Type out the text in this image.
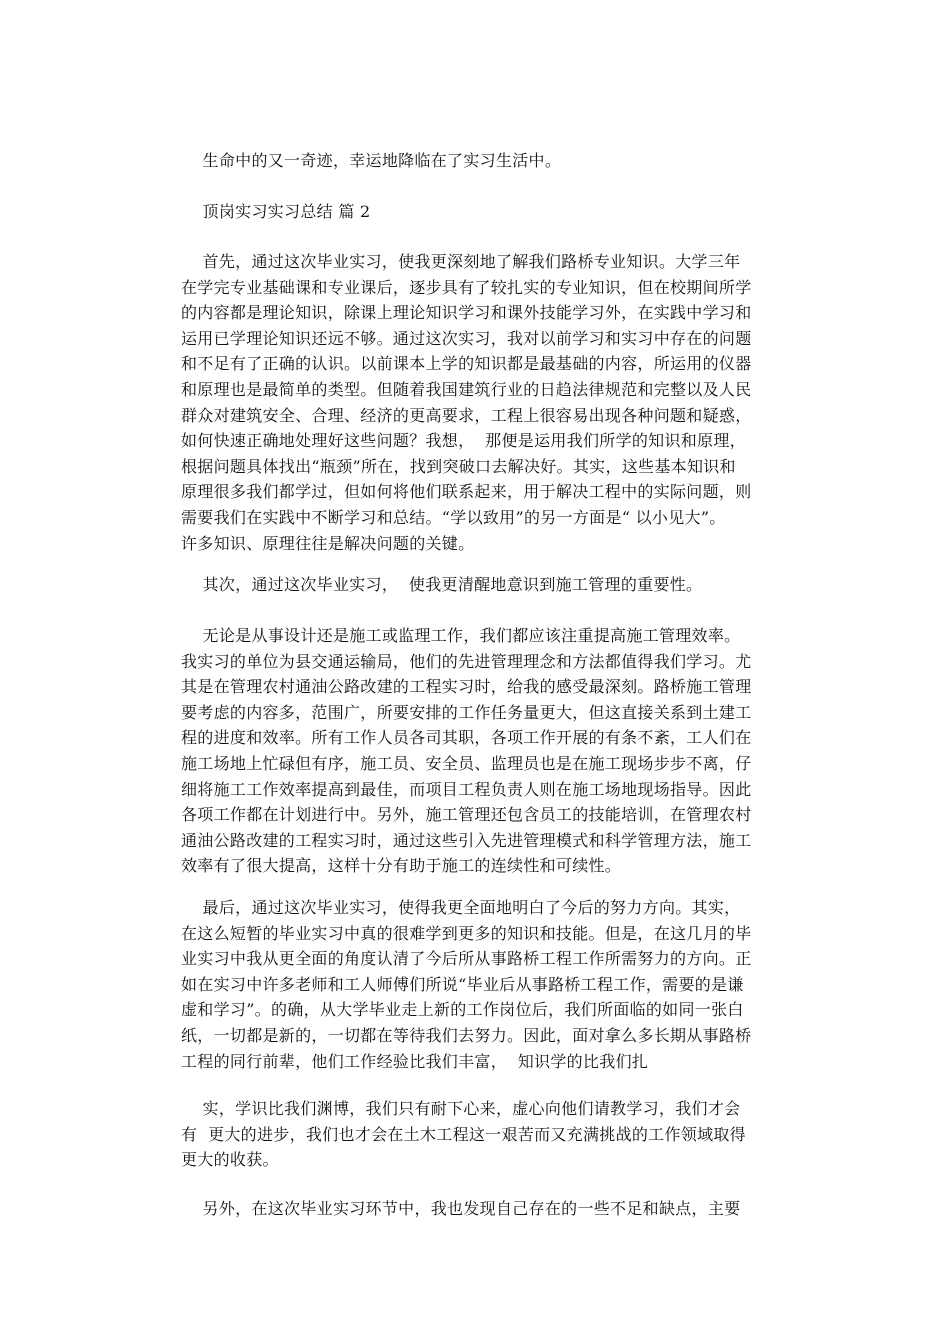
生命中的又一奇迹，幸运地降临在了实习生活中。
顶岗实习实习总结 篇 2
首先，通过这次毕业实习，使我更深刻地了解我们路桥专业知识。大学三年
在学完专业基础课和专业课后，逐步具有了较扎实的专业知识，但在校期间所学
的内容都是理论知识，除课上理论知识学习和课外技能学习外，在实践中学习和
运用已学理论知识还远不够。通过这次实习，我对以前学习和实习中存在的问题
和不足有了正确的认识。以前课本上学的知识都是最基础的内容，所运用的仪器
和原理也是最简单的类型。但随着我国建筑行业的日趋法律规范和完整以及人民
群众对建筑安全、合理、经济的更高要求，工程上很容易出现各种问题和疑惑，
如何快速正确地处理好这些问题？我想，  那便是运用我们所学的知识和原理，
根据问题具体找出“瓶颈”所在，找到突破口去解决好。其实，这些基本知识和
原理很多我们都学过，但如何将他们联系起来，用于解决工程中的实际问题，则
需要我们在实践中不断学习和总结。“学以致用”的另一方面是“ 以小见大”。
许多知识、原理往往是解决问题的关键。
其次，通过这次毕业实习，  使我更清醒地意识到施工管理的重要性。
无论是从事设计还是施工或监理工作，我们都应该注重提高施工管理效率。
我实习的单位为县交通运输局，他们的先进管理理念和方法都值得我们学习。尤
其是在管理农村通油公路改建的工程实习时，给我的感受最深刻。路桥施工管理
要考虑的内容多，范围广，所要安排的工作任务量更大，但这直接关系到土建工
程的进度和效率。所有工作人员各司其职，各项工作开展的有条不紊，工人们在
施工场地上忙碌但有序，施工员、安全员、监理员也是在施工现场步步不离，仔
细将施工工作效率提高到最佳，而项目工程负责人则在施工场地现场指导。因此
各项工作都在计划进行中。另外，施工管理还包含员工的技能培训，在管理农村
通油公路改建的工程实习时，通过这些引入先进管理模式和科学管理方法，施工
效率有了很大提高，这样十分有助于施工的连续性和可续性。
最后，通过这次毕业实习，使得我更全面地明白了今后的努力方向。其实，
在这么短暂的毕业实习中真的很难学到更多的知识和技能。但是，在这几月的毕
业实习中我从更全面的角度认清了今后所从事路桥工程工作所需努力的方向。正
如在实习中许多老师和工人师傅们所说“毕业后从事路桥工程工作，需要的是谦
虚和学习”。的确，从大学毕业走上新的工作岗位后，我们所面临的如同一张白
纸，一切都是新的，一切都在等待我们去努力。因此，面对拿么多长期从事路桥
工程的同行前辈，他们工作经验比我们丰富，  知识学的比我们扎
实，学识比我们渊博，我们只有耐下心来，虚心向他们请教学习，我们才会
有  更大的进步，我们也才会在土木工程这一艰苦而又充满挑战的工作领域取得
更大的收获。
另外，在这次毕业实习环节中，我也发现自己存在的一些不足和缺点，主要
